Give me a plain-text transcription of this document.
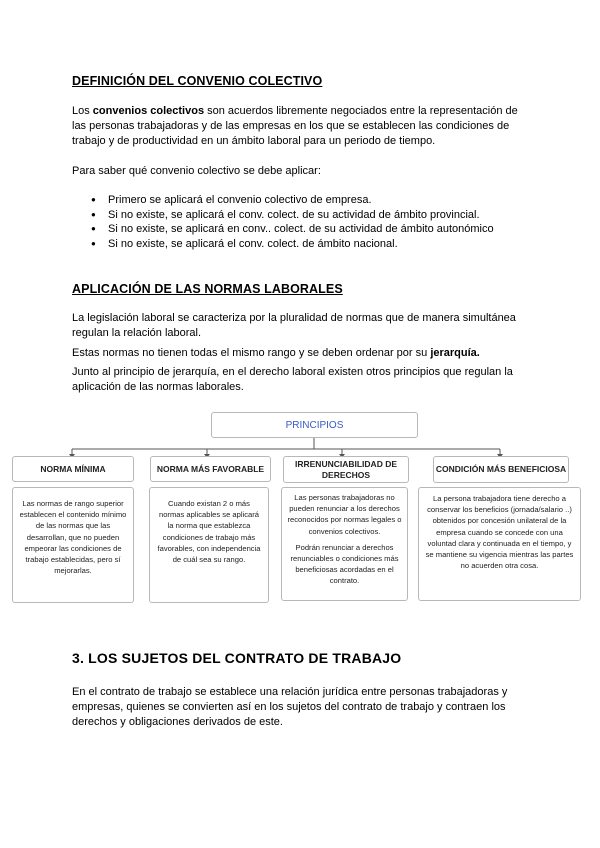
DEFINICIÓN DEL CONVENIO COLECTIVO
Los convenios colectivos son acuerdos libremente negociados entre la representación de las personas trabajadoras y de las empresas en los que se establecen las condiciones de trabajo y de productividad en un ámbito laboral para un periodo de tiempo.
Para saber qué convenio colectivo se debe aplicar:
● Primero se aplicará el convenio colectivo de empresa.
● Si no existe, se aplicará el conv. colect. de su actividad de ámbito provincial.
● Si no existe, se aplicará en conv.. colect. de su actividad de ámbito autonómico
● Si no existe, se aplicará el conv. colect. de ámbito nacional.
APLICACIÓN DE LAS NORMAS LABORALES
La legislación laboral se caracteriza por la pluralidad de normas que de manera simultánea regulan la relación laboral.
Estas normas no tienen todas el mismo rango y se deben ordenar por su jerarquía.
Junto al principio de jerarquía, en el derecho laboral existen otros principios que regulan la aplicación de las normas laborales.
PRINCIPIOS
NORMA MÍNIMA

Las normas de rango superior establecen el contenido mínimo de las normas que las desarrollan, que no pueden empeorar las condiciones de trabajo establecidas, pero sí mejorarlas.

NORMA MÁS FAVORABLE

Cuando existan 2 o más normas aplicables se aplicará la norma que establezca condiciones de trabajo más favorables, con independencia de cuál sea su rango.

IRRENUNCIABILIDAD DE DERECHOS

Las personas trabajadoras no pueden renunciar a los derechos reconocidos por normas legales o convenios colectivos.

Podrán renunciar a derechos renunciables o condiciones más beneficiosas acordadas en el contrato.

CONDICIÓN MÁS BENEFICIOSA

La persona trabajadora tiene derecho a conservar los beneficios (jornada/salario ..) obtenidos por concesión unilateral de la empresa cuando se concede con una voluntad clara y continuada en el tiempo, y se mantiene su vigencia mientras las partes no acuerden otra cosa.

3. LOS SUJETOS DEL CONTRATO DE TRABAJO
En el contrato de trabajo se establece una relación jurídica entre personas trabajadoras y empresas, quienes se convierten así en los sujetos del contrato de trabajo y contraen los derechos y obligaciones derivados de este.
